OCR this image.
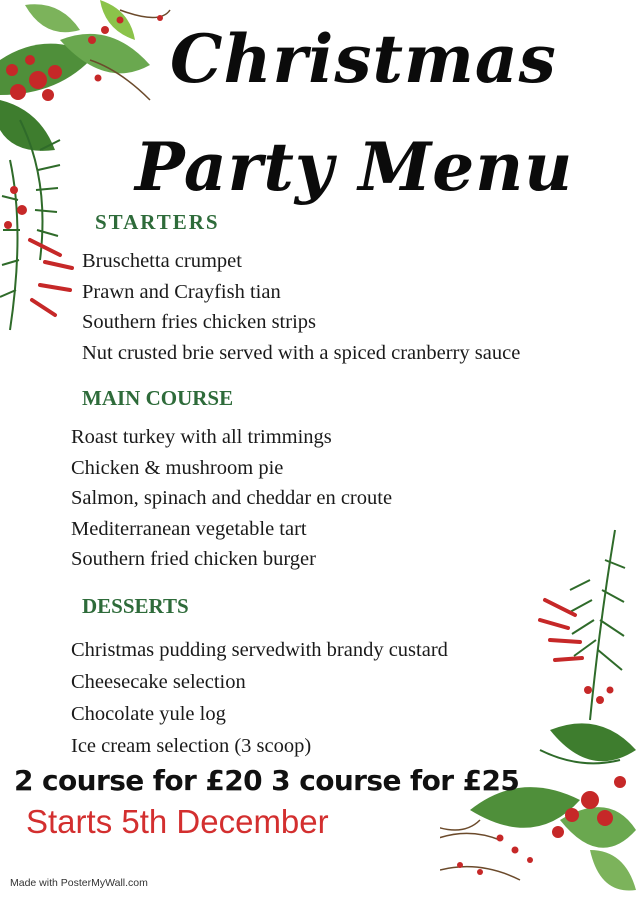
Christmas
Party Menu
STARTERS
Bruschetta crumpet
Prawn and Crayfish tian
Southern fries chicken strips
Nut crusted brie served with a spiced cranberry sauce
MAIN COURSE
Roast turkey with all trimmings
Chicken & mushroom pie
Salmon, spinach and cheddar en croute
Mediterranean vegetable tart
Southern fried chicken burger
DESSERTS
Christmas pudding servedwith brandy custard
Cheesecake selection
Chocolate yule log
Ice cream selection (3 scoop)

2 course for £20 3 course for £25

Starts 5th December

Made with PosterMyWall.com
